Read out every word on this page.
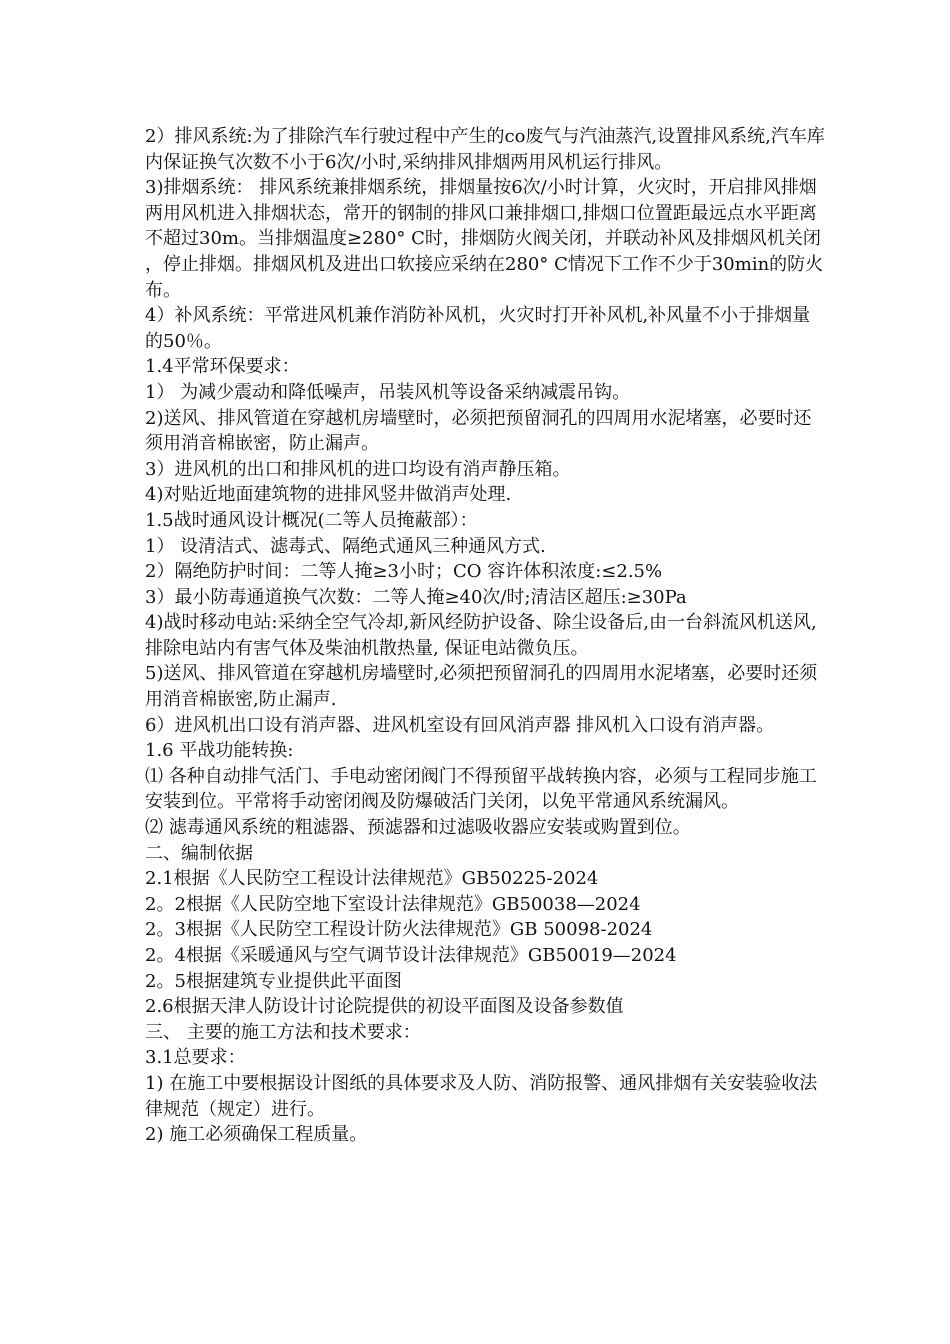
2）排风系统:为了排除汽车行驶过程中产生的co废气与汽油蒸汽,设置排风系统,汽车库内保证换气次数不小于6次/小时,采纳排风排烟两用风机运行排风。

3)排烟系统： 排风系统兼排烟系统，排烟量按6次/小时计算，火灾时，开启排风排烟两用风机进入排烟状态，常开的钢制的排风口兼排烟口,排烟口位置距最远点水平距离不超过30m。当排烟温度≥280° C时，排烟防火阀关闭，并联动补风及排烟风机关闭，停止排烟。排烟风机及进出口软接应采纳在280° C情况下工作不少于30min的防火布。

4）补风系统：平常进风机兼作消防补风机，火灾时打开补风机,补风量不小于排烟量的50％。

1.4平常环保要求：

1） 为减少震动和降低噪声，吊装风机等设备采纳减震吊钩。

2)送风、排风管道在穿越机房墙壁时，必须把预留洞孔的四周用水泥堵塞，必要时还须用消音棉嵌密，防止漏声。

3）进风机的出口和排风机的进口均设有消声静压箱。

4)对贴近地面建筑物的进排风竖井做消声处理.

1.5战时通风设计概况(二等人员掩蔽部）：

1） 设清洁式、滤毒式、隔绝式通风三种通风方式.

2）隔绝防护时间：二等人掩≥3小时；CO 容许体积浓度:≤2.5%

3）最小防毒通道换气次数：二等人掩≥40次/时;清洁区超压:≥30Pa

4)战时移动电站:采纳全空气冷却,新风经防护设备、除尘设备后,由一台斜流风机送风,排除电站内有害气体及柴油机散热量, 保证电站微负压。

5)送风、排风管道在穿越机房墙壁时,必须把预留洞孔的四周用水泥堵塞，必要时还须用消音棉嵌密,防止漏声.

6）进风机出口设有消声器、进风机室设有回风消声器 排风机入口设有消声器。

1.6 平战功能转换:

⑴ 各种自动排气活门、手电动密闭阀门不得预留平战转换内容，必须与工程同步施工安装到位。平常将手动密闭阀及防爆破活门关闭，以免平常通风系统漏风。

⑵ 滤毒通风系统的粗滤器、预滤器和过滤吸收器应安装或购置到位。

二、编制依据

2.1根据《人民防空工程设计法律规范》GB50225-2024

2。2根据《人民防空地下室设计法律规范》GB50038—2024

2。3根据《人民防空工程设计防火法律规范》GB 50098-2024

2。4根据《采暖通风与空气调节设计法律规范》GB50019—2024

2。5根据建筑专业提供此平面图

2.6根据天津人防设计讨论院提供的初设平面图及设备参数值

三、 主要的施工方法和技术要求：

3.1总要求：

1) 在施工中要根据设计图纸的具体要求及人防、消防报警、通风排烟有关安装验收法律规范（规定）进行。

2) 施工必须确保工程质量。
